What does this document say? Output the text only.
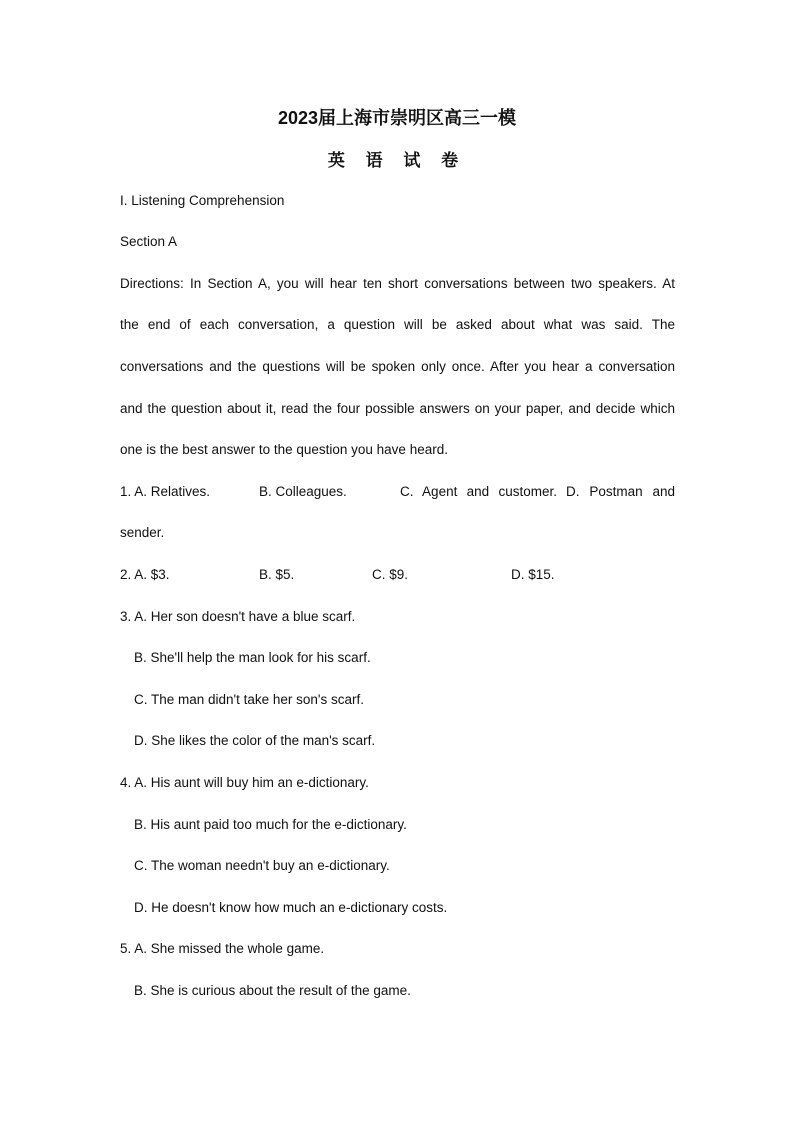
2023届上海市崇明区高三一模
英 语 试 卷
I. Listening Comprehension
Section A
Directions: In Section A, you will hear ten short conversations between two speakers. At
the end of each conversation, a question will be asked about what was said. The
conversations and the questions will be spoken only once. After you hear a conversation
and the question about it, read the four possible answers on your paper, and decide which
one is the best answer to the question you have heard.
1. A. Relatives.	B. Colleagues.	C. Agent and customer. D. Postman and
sender.
2. A. $3.	B. $5.	C. $9.	D. $15.
3. A. Her son doesn't have a blue scarf.
B. She'll help the man look for his scarf.
C. The man didn't take her son's scarf.
D. She likes the color of the man's scarf.
4. A. His aunt will buy him an e-dictionary.
B. His aunt paid too much for the e-dictionary.
C. The woman needn't buy an e-dictionary.
D. He doesn't know how much an e-dictionary costs.
5. A. She missed the whole game.
B. She is curious about the result of the game.
